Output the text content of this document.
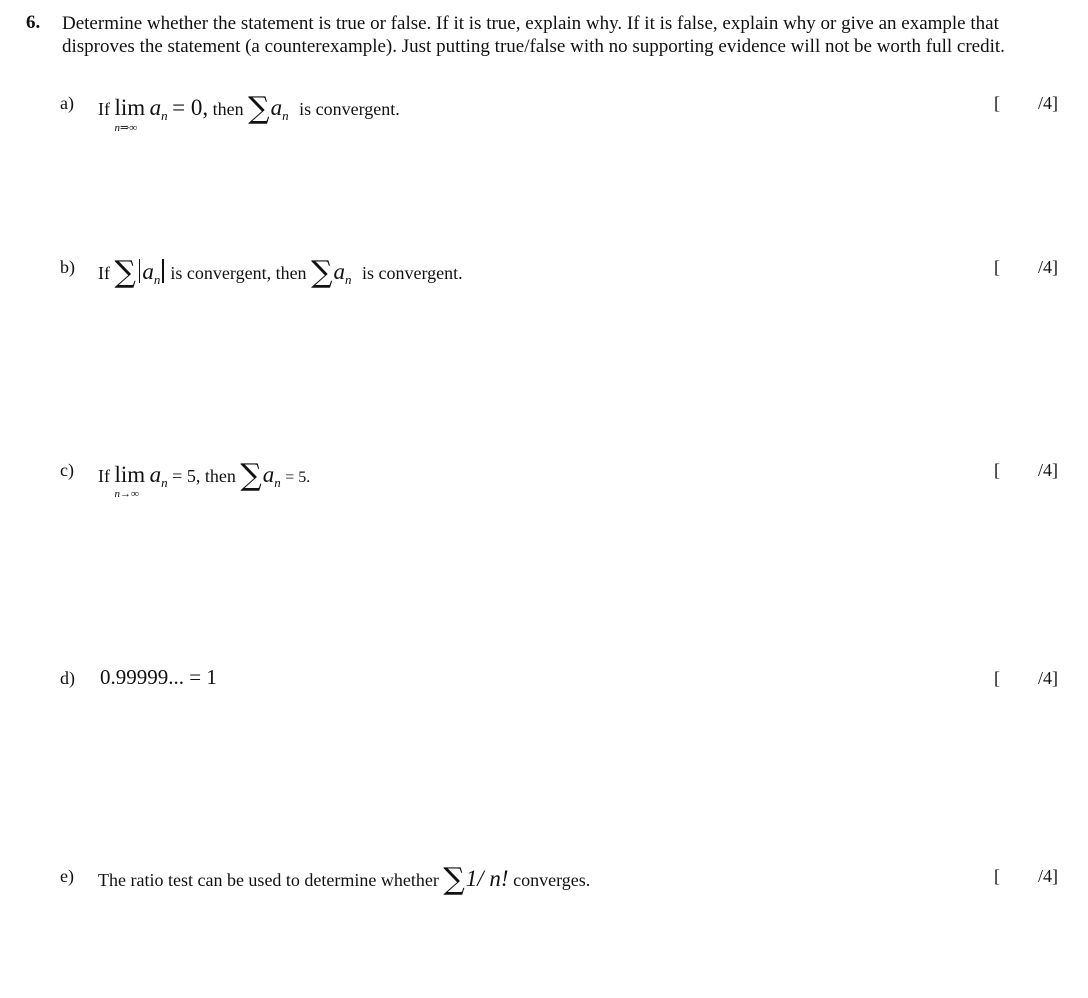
6. Determine whether the statement is true or false. If it is true, explain why. If it is false, explain why or give an example that
disproves the statement (a counterexample). Just putting true/false with no supporting evidence will not be worth full credit.
a) If lim
n⇒∞
$a_n = 0$, then $\sum a_n$ is convergent.	[ /4]
b) If ∑ $a_n$ is convergent, then $\sum a_n$ is convergent.	[ /4]
c) If lim
n→∞
$a_n = 5$, then $\sum a_n = 5$.	[ /4]
d) 0.99999... = 1	[ /4]
e) The ratio test can be used to determine whether ∑1/ n! converges.	[ /4]
